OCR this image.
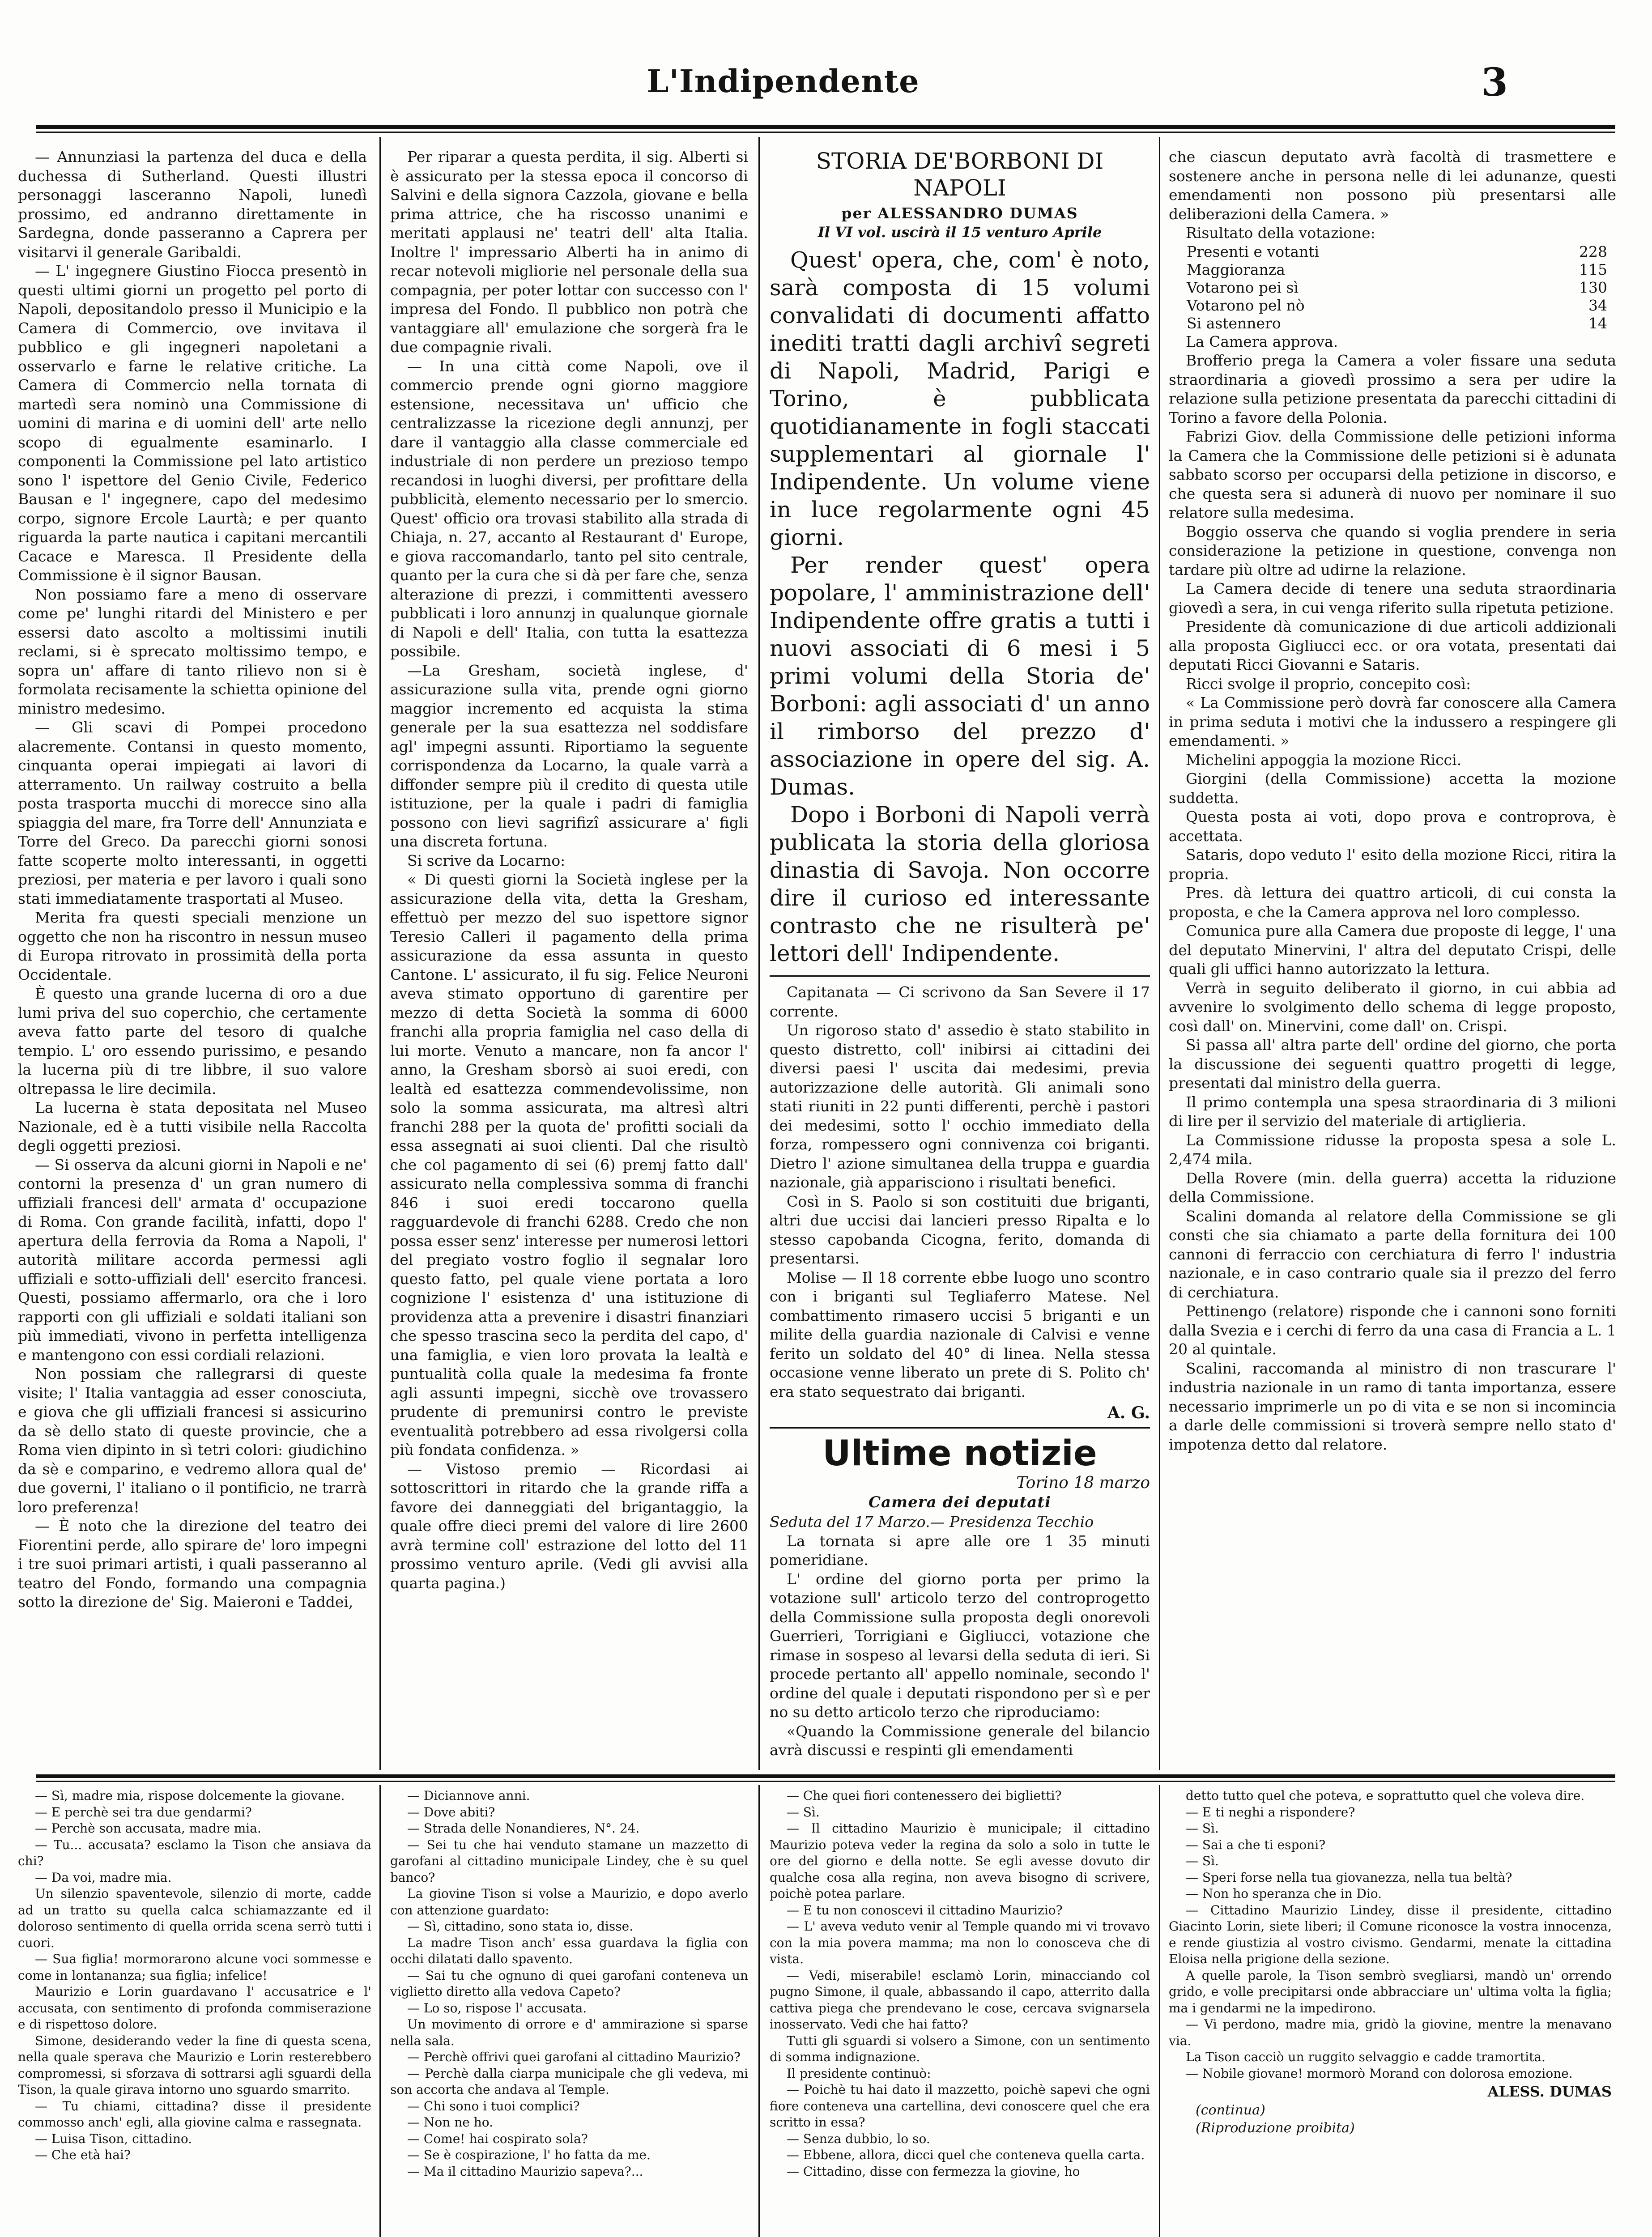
L'Indipendente	3

— Annunziasi la partenza del duca e della duchessa di Sutherland. Questi illustri personaggi lasceranno Napoli, lunedì prossimo, ed andranno direttamente in Sardegna, donde passeranno a Caprera per visitarvi il generale Garibaldi.

— L' ingegnere Giustino Fiocca presentò in questi ultimi giorni un progetto pel porto di Napoli, depositandolo presso il Municipio e la Camera di Commercio, ove invitava il pubblico e gli ingegneri napoletani a osservarlo e farne le relative critiche. La Camera di Commercio nella tornata di martedì sera nominò una Commissione di uomini di marina e di uomini dell' arte nello scopo di egualmente esaminarlo. I componenti la Commissione pel lato artistico sono l' ispettore del Genio Civile, Federico Bausan e l' ingegnere, capo del medesimo corpo, signore Ercole Laurtà; e per quanto riguarda la parte nautica i capitani mercantili Cacace e Maresca. Il Presidente della Commissione è il signor Bausan.

Non possiamo fare a meno di osservare come pe' lunghi ritardi del Ministero e per essersi dato ascolto a moltissimi inutili reclami, si è sprecato moltissimo tempo, e sopra un' affare di tanto rilievo non si è formolata recisamente la schietta opinione del ministro medesimo.

— Gli scavi di Pompei procedono alacremente. Contansi in questo momento, cinquanta operai impiegati ai lavori di atterramento. Un railway costruito a bella posta trasporta mucchi di morecce sino alla spiaggia del mare, fra Torre dell' Annunziata e Torre del Greco. Da parecchi giorni sonosi fatte scoperte molto interessanti, in oggetti preziosi, per materia e per lavoro i quali sono stati immediatamente trasportati al Museo.

Merita fra questi speciali menzione un oggetto che non ha riscontro in nessun museo di Europa ritrovato in prossimità della porta Occidentale.

È questo una grande lucerna di oro a due lumi priva del suo coperchio, che certamente aveva fatto parte del tesoro di qualche tempio. L' oro essendo purissimo, e pesando la lucerna più di tre libbre, il suo valore oltrepassa le lire decimila.

La lucerna è stata depositata nel Museo Nazionale, ed è a tutti visibile nella Raccolta degli oggetti preziosi.

— Si osserva da alcuni giorni in Napoli e ne' contorni la presenza d' un gran numero di uffiziali francesi dell' armata d' occupazione di Roma. Con grande facilità, infatti, dopo l' apertura della ferrovia da Roma a Napoli, l' autorità militare accorda permessi agli uffiziali e sotto-uffiziali dell' esercito francesi. Questi, possiamo affermarlo, ora che i loro rapporti con gli uffiziali e soldati italiani son più immediati, vivono in perfetta intelligenza e mantengono con essi cordiali relazioni.

Non possiam che rallegrarsi di queste visite; l' Italia vantaggia ad esser conosciuta, e giova che gli uffiziali francesi si assicurino da sè dello stato di queste provincie, che a Roma vien dipinto in sì tetri colori: giudichino da sè e comparino, e vedremo allora qual de' due governi, l' italiano o il pontificio, ne trarrà loro preferenza!

— È noto che la direzione del teatro dei Fiorentini perde, allo spirare de' loro impegni i tre suoi primari artisti, i quali passeranno al teatro del Fondo, formando una compagnia sotto la direzione de' Sig. Maieroni e Taddei,

Per riparar a questa perdita, il sig. Alberti si è assicurato per la stessa epoca il concorso di Salvini e della signora Cazzola, giovane e bella prima attrice, che ha riscosso unanimi e meritati applausi ne' teatri dell' alta Italia. Inoltre l' impressario Alberti ha in animo di recar notevoli migliorie nel personale della sua compagnia, per poter lottar con successo con l' impresa del Fondo. Il pubblico non potrà che vantaggiare all' emulazione che sorgerà fra le due compagnie rivali.

— In una città come Napoli, ove il commercio prende ogni giorno maggiore estensione, necessitava un' ufficio che centralizzasse la ricezione degli annunzj, per dare il vantaggio alla classe commerciale ed industriale di non perdere un prezioso tempo recandosi in luoghi diversi, per profittare della pubblicità, elemento necessario per lo smercio. Quest' officio ora trovasi stabilito alla strada di Chiaja, n. 27, accanto al Restaurant d' Europe, e giova raccomandarlo, tanto pel sito centrale, quanto per la cura che si dà per fare che, senza alterazione di prezzi, i committenti avessero pubblicati i loro annunzj in qualunque giornale di Napoli e dell' Italia, con tutta la esattezza possibile.

—La Gresham, società inglese, d' assicurazione sulla vita, prende ogni giorno maggior incremento ed acquista la stima generale per la sua esattezza nel soddisfare agl' impegni assunti. Riportiamo la seguente corrispondenza da Locarno, la quale varrà a diffonder sempre più il credito di questa utile istituzione, per la quale i padri di famiglia possono con lievi sagrifizî assicurare a' figli una discreta fortuna.

Si scrive da Locarno:

« Di questi giorni la Società inglese per la assicurazione della vita, detta la Gresham, effettuò per mezzo del suo ispettore signor Teresio Calleri il pagamento della prima assicurazione da essa assunta in questo Cantone. L' assicurato, il fu sig. Felice Neuroni aveva stimato opportuno di garentire per mezzo di detta Società la somma di 6000 franchi alla propria famiglia nel caso della di lui morte. Venuto a mancare, non fa ancor l' anno, la Gresham sborsò ai suoi eredi, con lealtà ed esattezza commendevolissime, non solo la somma assicurata, ma altresì altri franchi 288 per la quota de' profitti sociali da essa assegnati ai suoi clienti. Dal che risultò che col pagamento di sei (6) premj fatto dall' assicurato nella complessiva somma di franchi 846 i suoi eredi toccarono quella ragguardevole di franchi 6288. Credo che non possa esser senz' interesse per numerosi lettori del pregiato vostro foglio il segnalar loro questo fatto, pel quale viene portata a loro cognizione l' esistenza d' una istituzione di providenza atta a prevenire i disastri finanziari che spesso trascina seco la perdita del capo, d' una famiglia, e vien loro provata la lealtà e puntualità colla quale la medesima fa fronte agli assunti impegni, sicchè ove trovassero prudente di premunirsi contro le previste eventualità potrebbero ad essa rivolgersi colla più fondata confidenza. »

— Vistoso premio — Ricordasi ai sottoscrittori in ritardo che la grande riffa a favore dei danneggiati del brigantaggio, la quale offre dieci premi del valore di lire 2600 avrà termine coll' estrazione del lotto del 11 prossimo venturo aprile. (Vedi gli avvisi alla quarta pagina.)

STORIA DE'BORBONI DI NAPOLI
per ALESSANDRO DUMAS
Il VI vol. uscirà il 15 venturo Aprile

Quest' opera, che, com' è noto, sarà composta di 15 volumi convalidati di documenti affatto inediti tratti dagli archivî segreti di Napoli, Madrid, Parigi e Torino, è pubblicata quotidianamente in fogli staccati supplementari al giornale l' Indipendente. Un volume viene in luce regolarmente ogni 45 giorni.

Per render quest' opera popolare, l' amministrazione dell' Indipendente offre gratis a tutti i nuovi associati di 6 mesi i 5 primi volumi della Storia de' Borboni: agli associati d' un anno il rimborso del prezzo d' associazione in opere del sig. A. Dumas.

Dopo i Borboni di Napoli verrà publicata la storia della gloriosa dinastia di Savoja. Non occorre dire il curioso ed interessante contrasto che ne risulterà pe' lettori dell' Indipendente.

Capitanata — Ci scrivono da San Severe il 17 corrente.

Un rigoroso stato d' assedio è stato stabilito in questo distretto, coll' inibirsi ai cittadini dei diversi paesi l' uscita dai medesimi, previa autorizzazione delle autorità. Gli animali sono stati riuniti in 22 punti differenti, perchè i pastori dei medesimi, sotto l' occhio immediato della forza, rompessero ogni connivenza coi briganti. Dietro l' azione simultanea della truppa e guardia nazionale, già apparisciono i risultati benefici.

Così in S. Paolo si son costituiti due briganti, altri due uccisi dai lancieri presso Ripalta e lo stesso capobanda Cicogna, ferito, domanda di presentarsi.

Molise — Il 18 corrente ebbe luogo uno scontro con i briganti sul Tegliaferro Matese. Nel combattimento rimasero uccisi 5 briganti e un milite della guardia nazionale di Calvisi e venne ferito un soldato del 40° di linea. Nella stessa occasione venne liberato un prete di S. Polito ch' era stato sequestrato dai briganti.

A. G.
Ultime notizie
Torino 18 marzo
Camera dei deputati

Seduta del 17 Marzo.— Presidenza Tecchio

La tornata si apre alle ore 1 35 minuti pomeridiane.

L' ordine del giorno porta per primo la votazione sull' articolo terzo del controprogetto della Commissione sulla proposta degli onorevoli Guerrieri, Torrigiani e Gigliucci, votazione che rimase in sospeso al levarsi della seduta di ieri. Si procede pertanto all' appello nominale, secondo l' ordine del quale i deputati rispondono per sì e per no su detto articolo terzo che riproduciamo:

«Quando la Commissione generale del bilancio avrà discussi e respinti gli emendamenti

che ciascun deputato avrà facoltà di trasmettere e sostenere anche in persona nelle di lei adunanze, questi emendamenti non possono più presentarsi alle deliberazioni della Camera. »

Risultato della votazione:

Presenti e votanti	228
Maggioranza	115
Votarono pei sì	130
Votarono pel nò	34
Si astennero	14

La Camera approva.

Brofferio prega la Camera a voler fissare una seduta straordinaria a giovedì prossimo a sera per udire la relazione sulla petizione presentata da parecchi cittadini di Torino a favore della Polonia.

Fabrizi Giov. della Commissione delle petizioni informa la Camera che la Commissione delle petizioni si è adunata sabbato scorso per occuparsi della petizione in discorso, e che questa sera si adunerà di nuovo per nominare il suo relatore sulla medesima.

Boggio osserva che quando si voglia prendere in seria considerazione la petizione in questione, convenga non tardare più oltre ad udirne la relazione.

La Camera decide di tenere una seduta straordinaria giovedì a sera, in cui venga riferito sulla ripetuta petizione.

Presidente dà comunicazione di due articoli addizionali alla proposta Gigliucci ecc. or ora votata, presentati dai deputati Ricci Giovanni e Sataris.

Ricci svolge il proprio, concepito così:

« La Commissione però dovrà far conoscere alla Camera in prima seduta i motivi che la indussero a respingere gli emendamenti. »

Michelini appoggia la mozione Ricci.

Giorgini (della Commissione) accetta la mozione suddetta.

Questa posta ai voti, dopo prova e controprova, è accettata.

Sataris, dopo veduto l' esito della mozione Ricci, ritira la propria.

Pres. dà lettura dei quattro articoli, di cui consta la proposta, e che la Camera approva nel loro complesso.

Comunica pure alla Camera due proposte di legge, l' una del deputato Minervini, l' altra del deputato Crispi, delle quali gli uffici hanno autorizzato la lettura.

Verrà in seguito deliberato il giorno, in cui abbia ad avvenire lo svolgimento dello schema di legge proposto, così dall' on. Minervini, come dall' on. Crispi.

Si passa all' altra parte dell' ordine del giorno, che porta la discussione dei seguenti quattro progetti di legge, presentati dal ministro della guerra.

Il primo contempla una spesa straordinaria di 3 milioni di lire per il servizio del materiale di artiglieria.

La Commissione ridusse la proposta spesa a sole L. 2,474 mila.

Della Rovere (min. della guerra) accetta la riduzione della Commissione.

Scalini domanda al relatore della Commissione se gli consti che sia chiamato a parte della fornitura dei 100 cannoni di ferraccio con cerchiatura di ferro l' industria nazionale, e in caso contrario quale sia il prezzo del ferro di cerchiatura.

Pettinengo (relatore) risponde che i cannoni sono forniti dalla Svezia e i cerchi di ferro da una casa di Francia a L. 1 20 al quintale.

Scalini, raccomanda al ministro di non trascurare l' industria nazionale in un ramo di tanta importanza, essere necessario imprimerle un po di vita e se non si incomincia a darle delle commissioni si troverà sempre nello stato d' impotenza detto dal relatore.

— Sì, madre mia, rispose dolcemente la giovane.

— E perchè sei tra due gendarmi?

— Perchè son accusata, madre mia.

— Tu... accusata? esclamo la Tison che ansiava da chi?

— Da voi, madre mia.

Un silenzio spaventevole, silenzio di morte, cadde ad un tratto su quella calca schiamazzante ed il doloroso sentimento di quella orrida scena serrò tutti i cuori.

— Sua figlia! mormorarono alcune voci sommesse e come in lontananza; sua figlia; infelice!

Maurizio e Lorin guardavano l' accusatrice e l' accusata, con sentimento di profonda commiserazione e di rispettoso dolore.

Simone, desiderando veder la fine di questa scena, nella quale sperava che Maurizio e Lorin resterebbero compromessi, si sforzava di sottrarsi agli sguardi della Tison, la quale girava intorno uno sguardo smarrito.

— Tu chiami, cittadina? disse il presidente commosso anch' egli, alla giovine calma e rassegnata.

— Luisa Tison, cittadino.

— Che età hai?

— Diciannove anni.

— Dove abiti?

— Strada delle Nonandieres, N°. 24.

— Sei tu che hai venduto stamane un mazzetto di garofani al cittadino municipale Lindey, che è su quel banco?

La giovine Tison si volse a Maurizio, e dopo averlo con attenzione guardato:

— Sì, cittadino, sono stata io, disse.

La madre Tison anch' essa guardava la figlia con occhi dilatati dallo spavento.

— Sai tu che ognuno di quei garofani conteneva un viglietto diretto alla vedova Capeto?

— Lo so, rispose l' accusata.

Un movimento di orrore e d' ammirazione si sparse nella sala.

— Perchè offrivi quei garofani al cittadino Maurizio?

— Perchè dalla ciarpa municipale che gli vedeva, mi son accorta che andava al Temple.

— Chi sono i tuoi complici?

— Non ne ho.

— Come! hai cospirato sola?

— Se è cospirazione, l' ho fatta da me.

— Ma il cittadino Maurizio sapeva?...

— Che quei fiori contenessero dei biglietti?

— Sì.

— Il cittadino Maurizio è municipale; il cittadino Maurizio poteva veder la regina da solo a solo in tutte le ore del giorno e della notte. Se egli avesse dovuto dir qualche cosa alla regina, non aveva bisogno di scrivere, poichè potea parlare.

— E tu non conoscevi il cittadino Maurizio?

— L' aveva veduto venir al Temple quando mi vi trovavo con la mia povera mamma; ma non lo conosceva che di vista.

— Vedi, miserabile! esclamò Lorin, minacciando col pugno Simone, il quale, abbassando il capo, atterrito dalla cattiva piega che prendevano le cose, cercava svignarsela inosservato. Vedi che hai fatto?

Tutti gli sguardi si volsero a Simone, con un sentimento di somma indignazione.

Il presidente continuò:

— Poichè tu hai dato il mazzetto, poichè sapevi che ogni fiore conteneva una cartellina, devi conoscere quel che era scritto in essa?

— Senza dubbio, lo so.

— Ebbene, allora, dicci quel che conteneva quella carta.

— Cittadino, disse con fermezza la giovine, ho

detto tutto quel che poteva, e soprattutto quel che voleva dire.

— E ti neghi a rispondere?

— Sì.

— Sai a che ti esponi?

— Sì.

— Speri forse nella tua giovanezza, nella tua beltà?

— Non ho speranza che in Dio.

— Cittadino Maurizio Lindey, disse il presidente, cittadino Giacinto Lorin, siete liberi; il Comune riconosce la vostra innocenza, e rende giustizia al vostro civismo. Gendarmi, menate la cittadina Eloisa nella prigione della sezione.

A quelle parole, la Tison sembrò svegliarsi, mandò un' orrendo grido, e volle precipitarsi onde abbracciare un' ultima volta la figlia; ma i gendarmi ne la impedirono.

— Vi perdono, madre mia, gridò la giovine, mentre la menavano via.

La Tison cacciò un ruggito selvaggio e cadde tramortita.

— Nobile giovane! mormorò Morand con dolorosa emozione.

ALESS. DUMAS
(continua)
(Riproduzione proibita)
